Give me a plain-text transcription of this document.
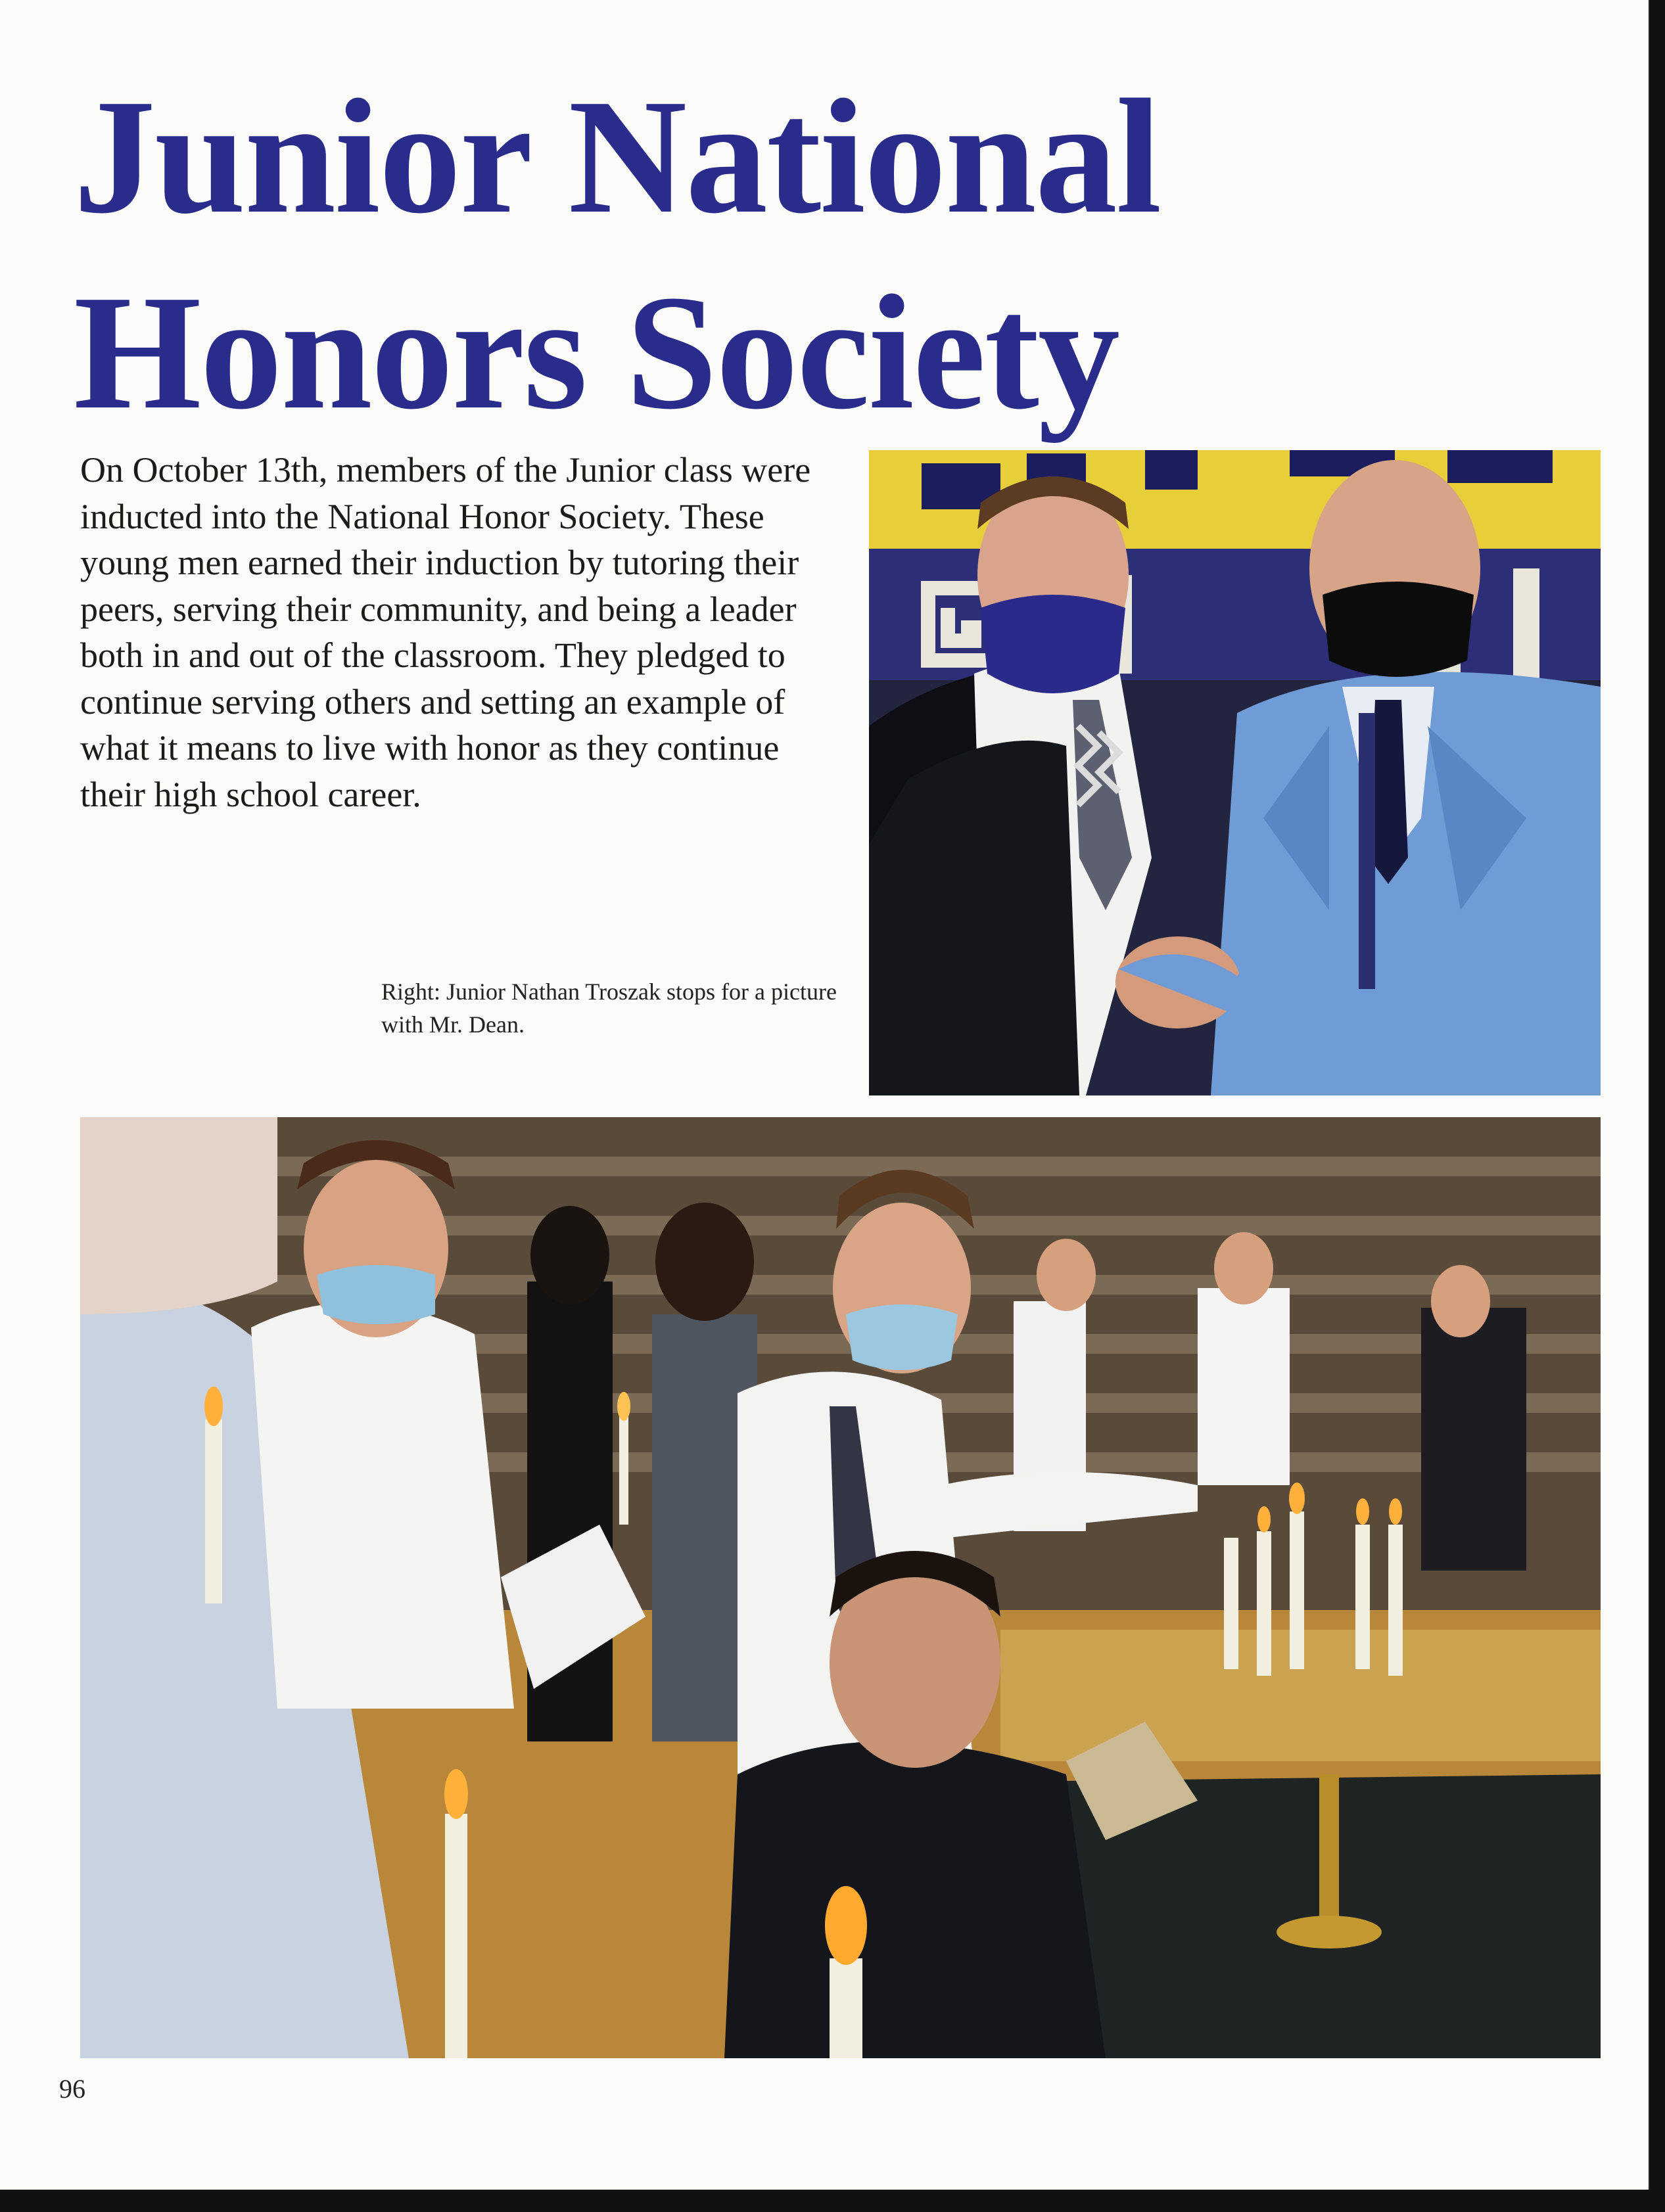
Junior National
Honors Society

On October 13th, members of the Junior class were inducted into the National Honor Society. These young men earned their induction by tutoring their peers, serving their community, and being a leader both in and out of the classroom. They pledged to continue serving others and setting an example of what it means to live with honor as they continue their high school career.

Right: Junior Nathan Troszak stops for a picture with Mr. Dean.

96
